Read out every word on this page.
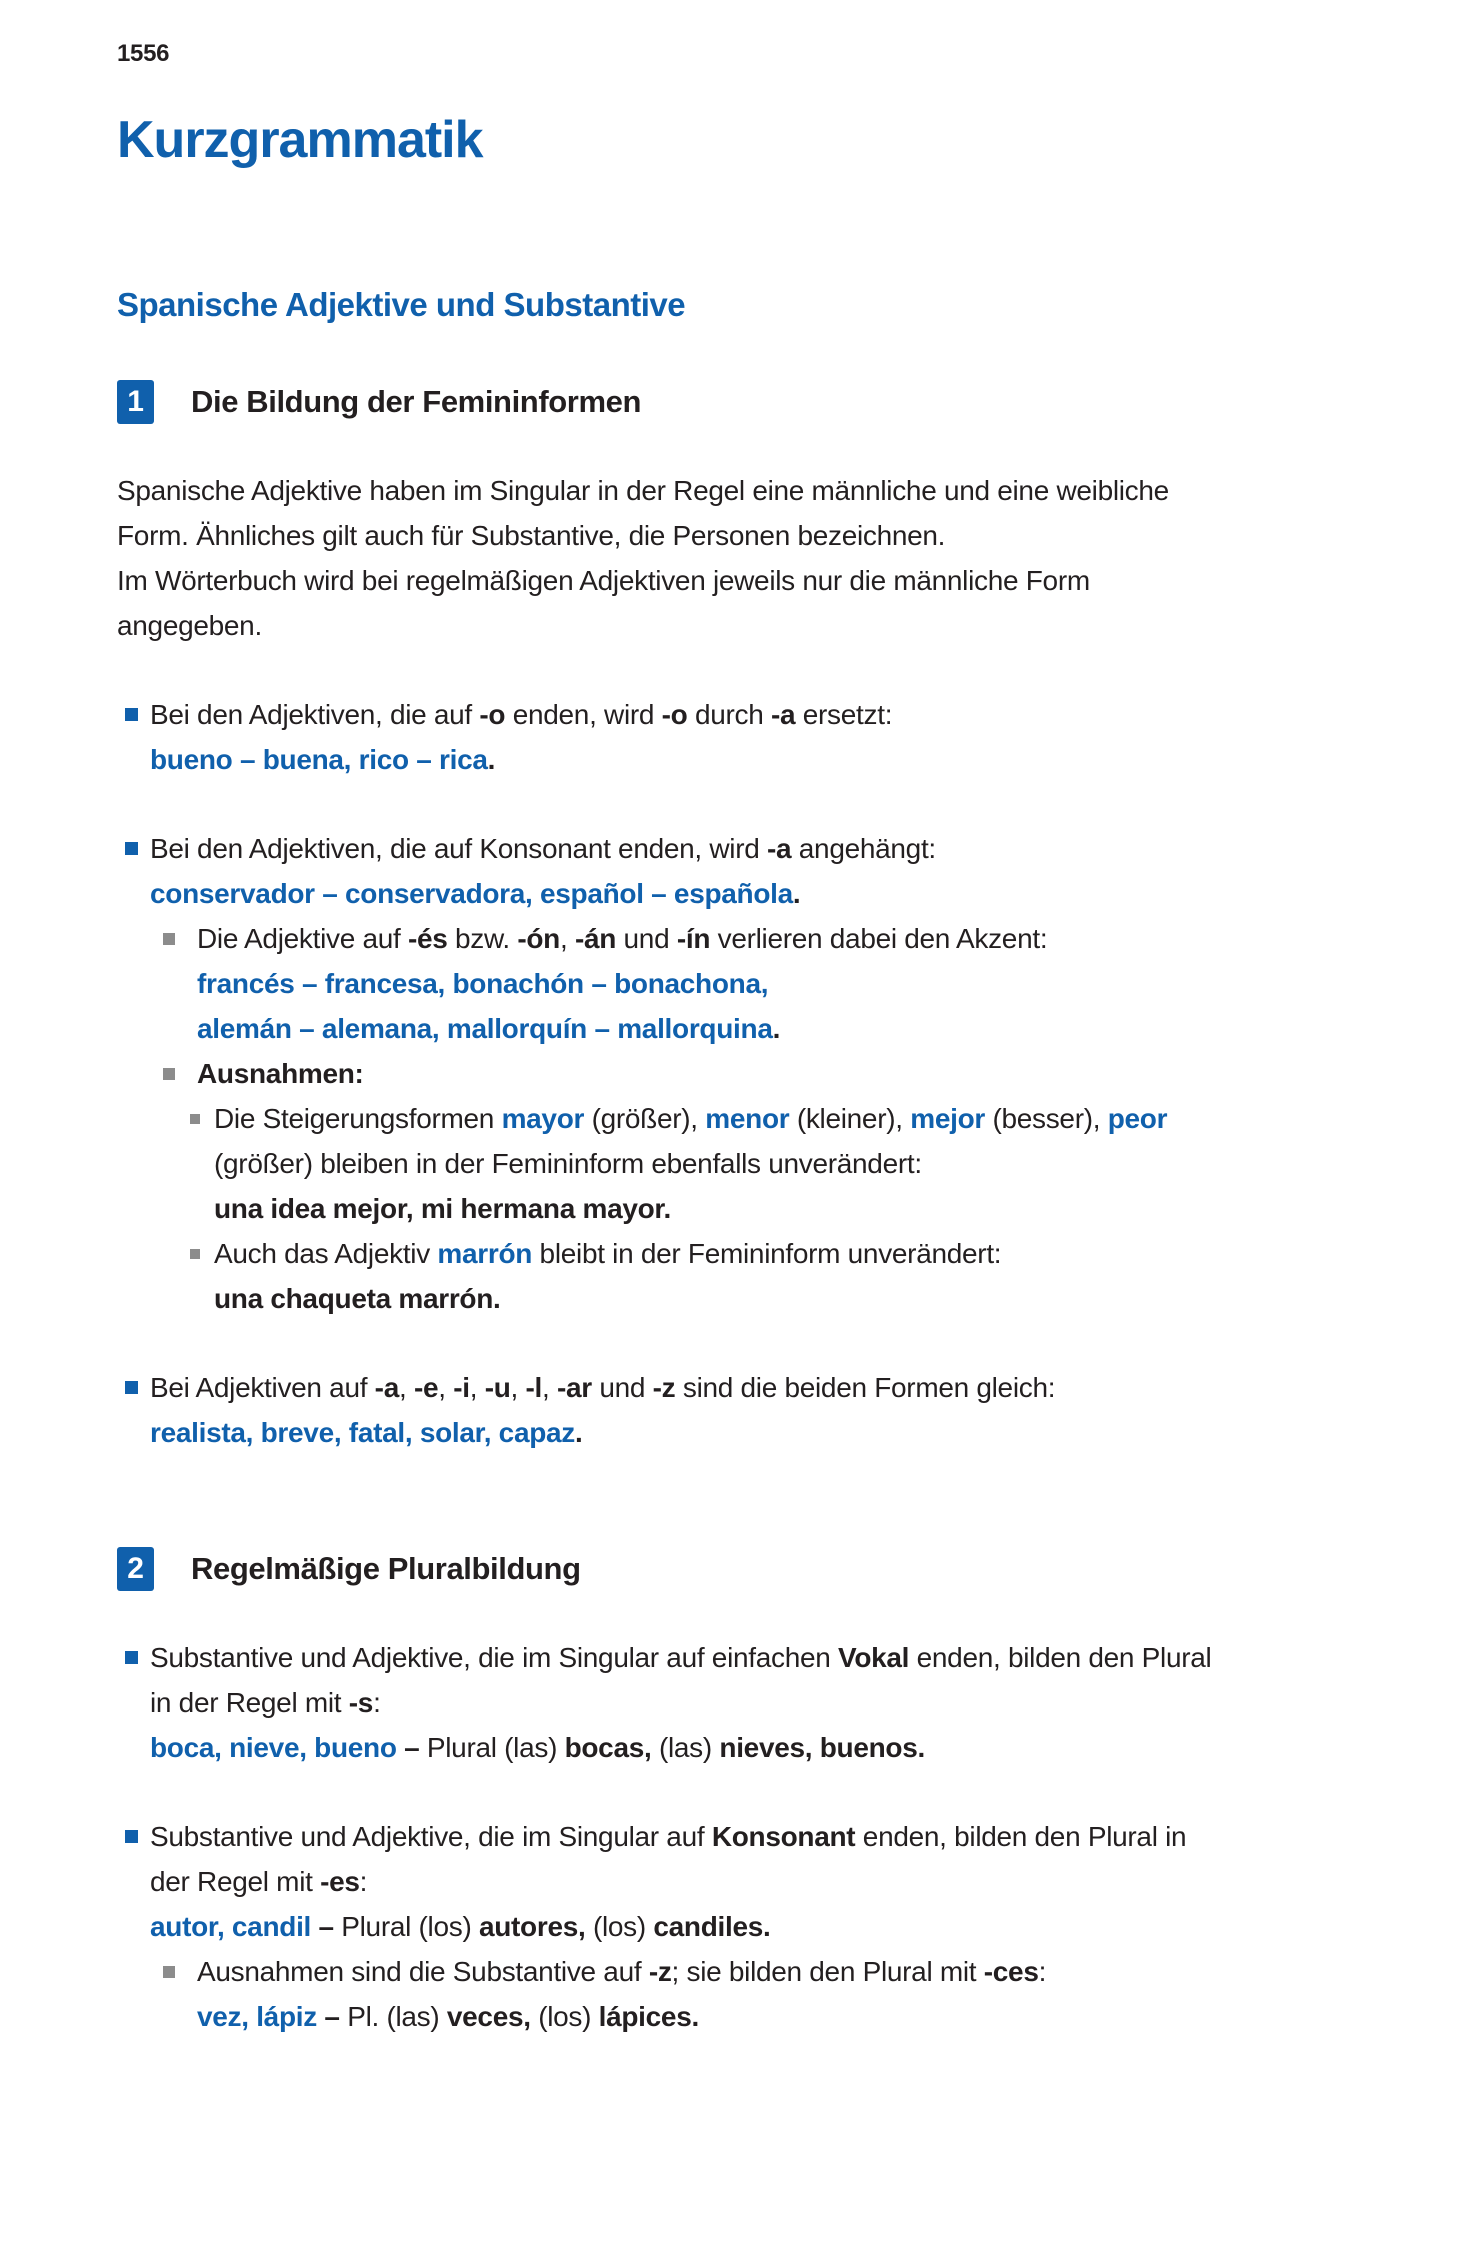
1556
Kurzgrammatik
Spanische Adjektive und Substantive
1	Die Bildung der Femininformen
Spanische Adjektive haben im Singular in der Regel eine männliche und eine weibliche
Form. Ähnliches gilt auch für Substantive, die Personen bezeichnen.
Im Wörterbuch wird bei regelmäßigen Adjektiven jeweils nur die männliche Form
angegeben.
Bei den Adjektiven, die auf -o enden, wird -o durch -a ersetzt:
bueno – buena, rico – rica.
Bei den Adjektiven, die auf Konsonant enden, wird -a angehängt:
conservador – conservadora, español – española.
Die Adjektive auf -és bzw. -ón, -án und -ín verlieren dabei den Akzent:
francés – francesa, bonachón – bonachona,
alemán – alemana, mallorquín – mallorquina.
Ausnahmen:
Die Steigerungsformen mayor (größer), menor (kleiner), mejor (besser), peor
(größer) bleiben in der Femininform ebenfalls unverändert:
una idea mejor, mi hermana mayor.
Auch das Adjektiv marrón bleibt in der Femininform unverändert:
una chaqueta marrón.
Bei Adjektiven auf -a, -e, -i, -u, -l, -ar und -z sind die beiden Formen gleich:
realista, breve, fatal, solar, capaz.
2	Regelmäßige Pluralbildung
Substantive und Adjektive, die im Singular auf einfachen Vokal enden, bilden den Plural
in der Regel mit -s:
boca, nieve, bueno – Plural (las) bocas, (las) nieves, buenos.
Substantive und Adjektive, die im Singular auf Konsonant enden, bilden den Plural in
der Regel mit -es:
autor, candil – Plural (los) autores, (los) candiles.
Ausnahmen sind die Substantive auf -z; sie bilden den Plural mit -ces:
vez, lápiz – Pl. (las) veces, (los) lápices.
